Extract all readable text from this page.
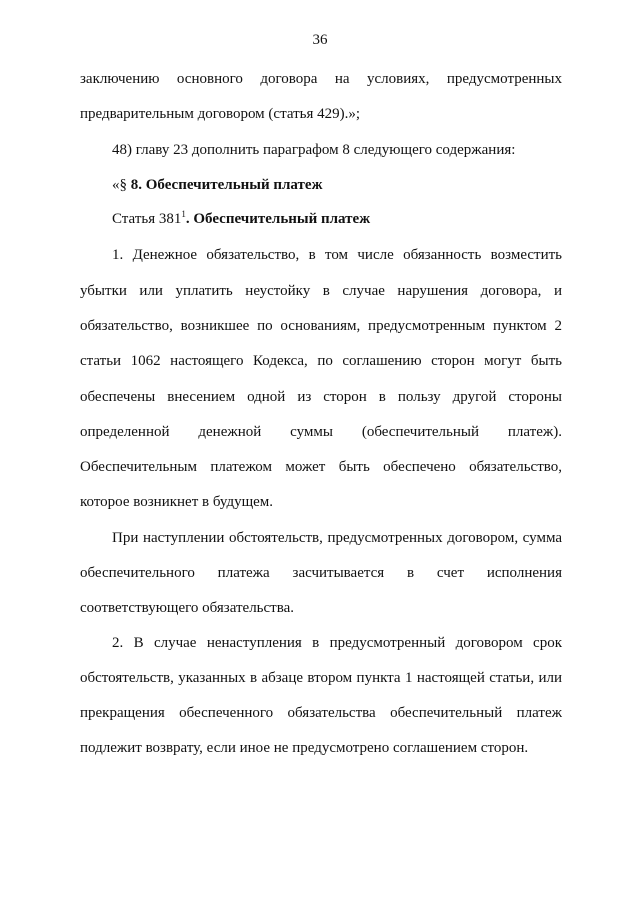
36
заключению основного договора на условиях, предусмотренных
предварительным договором (статья 429).»;
48) главу 23 дополнить параграфом 8 следующего содержания:
«§ 8. Обеспечительный платеж
Статья $381^1$. Обеспечительный платеж
1. Денежное обязательство, в том числе обязанность возместить
убытки или уплатить неустойку в случае нарушения договора, и
обязательство, возникшее по основаниям, предусмотренным пунктом 2
статьи 1062 настоящего Кодекса, по соглашению сторон могут быть
обеспечены внесением одной из сторон в пользу другой стороны
определенной денежной суммы (обеспечительный платеж).
Обеспечительным платежом может быть обеспечено обязательство,
которое возникнет в будущем.
При наступлении обстоятельств, предусмотренных договором, сумма
обеспечительного платежа засчитывается в счет исполнения
соответствующего обязательства.
2. В случае ненаступления в предусмотренный договором срок
обстоятельств, указанных в абзаце втором пункта 1 настоящей статьи, или
прекращения обеспеченного обязательства обеспечительный платеж
подлежит возврату, если иное не предусмотрено соглашением сторон.
